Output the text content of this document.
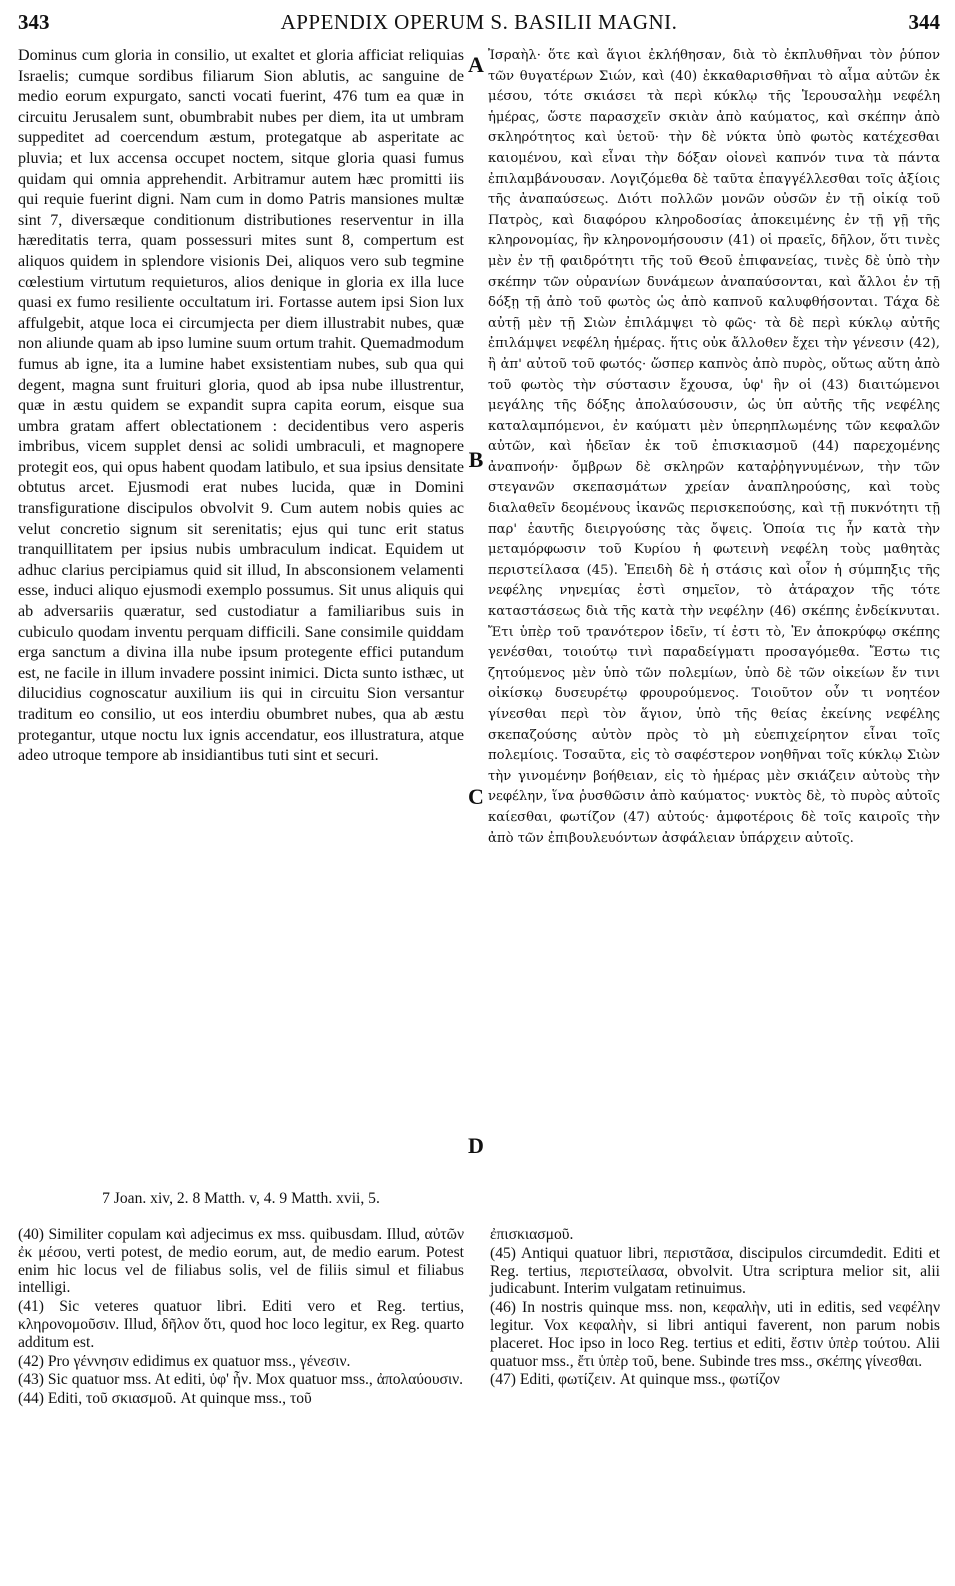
343	APPENDIX OPERUM S. BASILII MAGNI.	344

Dominus cum gloria in consilio, ut exaltet et gloria afficiat reliquias Israelis; cumque sordibus filiarum Sion ablutis, ac sanguine de medio eorum expurgato, sancti vocati fuerint, 476 tum ea quæ in circuitu Jerusalem sunt, obumbrabit nubes per diem, ita ut umbram suppeditet ad coercendum æstum, protegatque ab asperitate ac pluvia; et lux accensa occupet noctem, sitque gloria quasi fumus quidam qui omnia apprehendit. Arbitramur autem hæc promitti iis qui requie fuerint digni. Nam cum in domo Patris mansiones multæ sint 7, diversæque conditionum distributiones reserventur in illa hæreditatis terra, quam possessuri mites sunt 8, compertum est aliquos quidem in splendore visionis Dei, aliquos vero sub tegmine cœlestium virtutum requieturos, alios denique in gloria ex illa luce quasi ex fumo resiliente occultatum iri. Fortasse autem ipsi Sion lux affulgebit, atque loca ei circumjecta per diem illustrabit nubes, quæ non aliunde quam ab ipso lumine suum ortum trahit. Quemadmodum fumus ab igne, ita a lumine habet exsistentiam nubes, sub qua qui degent, magna sunt fruituri gloria, quod ab ipsa nube illustrentur, quæ in æstu quidem se expandit supra capita eorum, eisque sua umbra gratam affert oblectationem : decidentibus vero asperis imbribus, vicem supplet densi ac solidi umbraculi, et magnopere protegit eos, qui opus habent quodam latibulo, et sua ipsius densitate obtutus arcet. Ejusmodi erat nubes lucida, quæ in Domini transfiguratione discipulos obvolvit 9. Cum autem nobis quies ac velut concretio signum sit serenitatis; ejus qui tunc erit status tranquillitatem per ipsius nubis umbraculum indicat. Equidem ut adhuc clarius percipiamus quid sit illud, In absconsionem velamenti esse, induci aliquo ejusmodi exemplo possumus. Sit unus aliquis qui ab adversariis quæratur, sed custodiatur a familiaribus suis in cubiculo quodam inventu perquam difficili. Sane consimile quiddam erga sanctum a divina illa nube ipsum protegente effici putandum est, ne facile in illum invadere possint inimici. Dicta sunto isthæc, ut dilucidius cognoscatur auxilium iis qui in circuitu Sion versantur traditum eo consilio, ut eos interdiu obumbret nubes, qua ab æstu protegantur, utque noctu lux ignis accendatur, eos illustratura, atque adeo utroque tempore ab insidiantibus tuti sint et securi.

A
B
C
D

Ἰσραὴλ· ὅτε καὶ ἅγιοι ἐκλήθησαν, διὰ τὸ ἐκπλυθῆναι τὸν ῥύπον τῶν θυγατέρων Σιών, καὶ (40) ἐκκαθαρισθῆναι τὸ αἷμα αὐτῶν ἐκ μέσου, τότε σκιάσει τὰ περὶ κύκλῳ τῆς Ἱερουσαλὴμ νεφέλη ἡμέρας, ὥστε παρασχεῖν σκιὰν ἀπὸ καύματος, καὶ σκέπην ἀπὸ σκληρότητος καὶ ὑετοῦ· τὴν δὲ νύκτα ὑπὸ φωτὸς κατέχεσθαι καιομένου, καὶ εἶναι τὴν δόξαν οἱονεὶ καπνόν τινα τὰ πάντα ἐπιλαμβάνουσαν. Λογιζόμεθα δὲ ταῦτα ἐπαγγέλλεσθαι τοῖς ἀξίοις τῆς ἀναπαύσεως. Διότι πολλῶν μονῶν οὐσῶν ἐν τῇ οἰκίᾳ τοῦ Πατρὸς, καὶ διαφόρου κληροδοσίας ἀποκειμένης ἐν τῇ γῇ τῆς κληρονομίας, ἣν κληρονομήσουσιν (41) οἱ πραεῖς, δῆλον, ὅτι τινὲς μὲν ἐν τῇ φαιδρότητι τῆς τοῦ Θεοῦ ἐπιφανείας, τινὲς δὲ ὑπὸ τὴν σκέπην τῶν οὐρανίων δυνάμεων ἀναπαύσονται, καὶ ἄλλοι ἐν τῇ δόξῃ τῇ ἀπὸ τοῦ φωτὸς ὡς ἀπὸ καπνοῦ καλυφθήσονται. Τάχα δὲ αὐτῇ μὲν τῇ Σιὼν ἐπιλάμψει τὸ φῶς· τὰ δὲ περὶ κύκλῳ αὐτῆς ἐπιλάμψει νεφέλη ἡμέρας. ἥτις οὐκ ἄλλοθεν ἔχει τὴν γένεσιν (42), ἢ ἀπ' αὐτοῦ τοῦ φωτός· ὥσπερ καπνὸς ἀπὸ πυρὸς, οὕτως αὕτη ἀπὸ τοῦ φωτὸς τὴν σύστασιν ἔχουσα, ὑφ' ἣν οἱ (43) διαιτώμενοι μεγάλης τῆς δόξης ἀπολαύσουσιν, ὡς ὑπ αὐτῆς τῆς νεφέλης καταλαμπόμενοι, ἐν καύματι μὲν ὑπερηπλωμένης τῶν κεφαλῶν αὐτῶν, καὶ ἡδεῖαν ἐκ τοῦ ἐπισκιασμοῦ (44) παρεχομένης ἀναπνοήν· ὄμβρων δὲ σκληρῶν καταῤῥηγνυμένων, τὴν τῶν στεγανῶν σκεπασμάτων χρείαν ἀναπληρούσης, καὶ τοὺς διαλαθεῖν δεομένους ἱκανῶς περισκεπούσης, καὶ τῇ πυκνότητι τῇ παρ' ἑαυτῆς διειργούσης τὰς ὄψεις. Ὁποία τις ἦν κατὰ τὴν μεταμόρφωσιν τοῦ Κυρίου ἡ φωτεινὴ νεφέλη τοὺς μαθητὰς περιστείλασα (45). Ἐπειδὴ δὲ ἡ στάσις καὶ οἷον ἡ σύμπηξις τῆς νεφέλης νηνεμίας ἐστὶ σημεῖον, τὸ ἀτάραχον τῆς τότε καταστάσεως διὰ τῆς κατὰ τὴν νεφέλην (46) σκέπης ἐνδείκνυται. Ἔτι ὑπὲρ τοῦ τρανότερον ἰδεῖν, τί ἐστι τὸ, Ἐν ἀποκρύφῳ σκέπης γενέσθαι, τοιούτῳ τινὶ παραδείγματι προσαγόμεθα. Ἔστω τις ζητούμενος μὲν ὑπὸ τῶν πολεμίων, ὑπὸ δὲ τῶν οἰκείων ἔν τινι οἰκίσκῳ δυσευρέτῳ φρουρούμενος. Τοιοῦτον οὖν τι νοητέον γίνεσθαι περὶ τὸν ἅγιον, ὑπὸ τῆς θείας ἐκείνης νεφέλης σκεπαζούσης αὐτὸν πρὸς τὸ μὴ εὐεπιχείρητον εἶναι τοῖς πολεμίοις. Τοσαῦτα, εἰς τὸ σαφέστερον νοηθῆναι τοῖς κύκλῳ Σιὼν τὴν γινομένην βοήθειαν, εἰς τὸ ἡμέρας μὲν σκιάζειν αὐτοὺς τὴν νεφέλην, ἵνα ῥυσθῶσιν ἀπὸ καύματος· νυκτὸς δὲ, τὸ πυρὸς αὐτοῖς καίεσθαι, φωτίζον (47) αὐτούς· ἀμφοτέροις δὲ τοῖς καιροῖς τὴν ἀπὸ τῶν ἐπιβουλευόντων ἀσφάλειαν ὑπάρχειν αὐτοῖς.

7 Joan. xiv, 2. 8 Matth. v, 4. 9 Matth. xvii, 5.

(40) Similiter copulam καὶ adjecimus ex mss. quibusdam. Illud, αὐτῶν ἐκ μέσου, verti potest, de medio eorum, aut, de medio earum. Potest enim hic locus vel de filiabus solis, vel de filiis simul et filiabus intelligi.

(41) Sic veteres quatuor libri. Editi vero et Reg. tertius, κληρονομοῦσιν. Illud, δῆλον ὅτι, quod hoc loco legitur, ex Reg. quarto additum est.

(42) Pro γέννησιν edidimus ex quatuor mss., γένεσιν.

(43) Sic quatuor mss. At editi, ὑφ' ἦν. Mox quatuor mss., ἀπολαύουσιν.

(44) Editi, τοῦ σκιασμοῦ. At quinque mss., τοῦ

ἐπισκιασμοῦ.

(45) Antiqui quatuor libri, περιστᾶσα, discipulos circumdedit. Editi et Reg. tertius, περιστείλασα, obvolvit. Utra scriptura melior sit, alii judicabunt. Interim vulgatam retinuimus.

(46) In nostris quinque mss. non, κεφαλὴν, uti in editis, sed νεφέλην legitur. Vox κεφαλὴν, si libri antiqui faverent, non parum nobis placeret. Hoc ipso in loco Reg. tertius et editi, ἔστιν ὑπὲρ τούτου. Alii quatuor mss., ἔτι ὑπὲρ τοῦ, bene. Subinde tres mss., σκέπης γίνεσθαι.

(47) Editi, φωτίζειν. At quinque mss., φωτίζον
